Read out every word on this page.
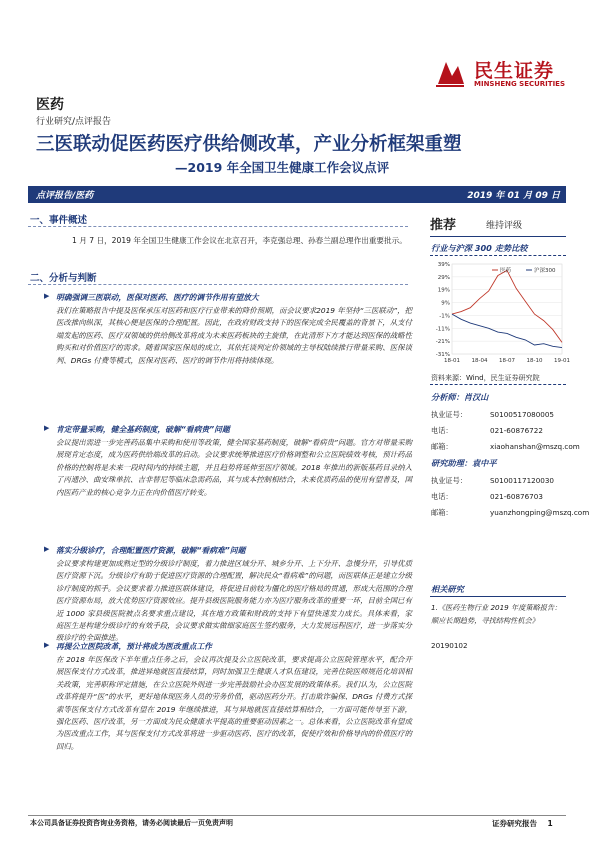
民生证券
MINSHENG SECURITIES
医药
行业研究/点评报告
三医联动促医药医疗供给侧改革，产业分析框架重塑
—2019 年全国卫生健康工作会议点评
点评报告/医药	2019 年 01 月 09 日
一、事件概述
1 月 7 日，2019 年全国卫生健康工作会议在北京召开，李克强总理、孙春兰副总理作出重要批示。
二、分析与判断
▶ 明确强调三医联动，医保对医药、医疗的调节作用有望放大
我们在策略报告中提及医保承压对医药和医疗行业带来的降价预期，而会议要求2019 年坚持“三医联动”，把医改推向纵深，其核心便是医保的合理配置。因此，在政府财政支持下的医保完成全民覆盖的背景下，从支付端发起的医药、医疗双领域的供给侧改革将成为未来医药板块的主旋律，在此清形下方才能达到医保的战略性购买和对价值医疗的需求。随着国家医保局的成立，其依托谈判定价领域的主导权陆续推行带量采购、医保谈判、DRGs 付费等模式，医保对医药、医疗的调节作用将持续体现。
▶ 肯定带量采购，健全基药制度，破解“看病贵”问题
会议提出需进一步完善药品集中采购和使用等政策，健全国家基药制度，破解“看病贵”问题。官方对带量采购展现肯定态度，成为医药供给端改革的启动。会议要求统筹推进医疗价格调整和公立医院绩效考核，预计药品价格的控制将是未来一段时间内的持续主题，并且趋势将延伸至医疗领域。2018 年推出的新版基药目录纳入了丙通沙、曲安珠单抗、吉非替尼等临床急需药品，其与成本控制相结合，未来优质药品的使用有望普及，国内医药产业的核心竞争力正在向价值医疗转变。
▶ 落实分级诊疗，合理配置医疗资源，破解“看病难”问题
会议要求构建更加成熟定型的分级诊疗制度，着力推进区域分开、城乡分开、上下分开、急慢分开，引导优质医疗资源下沉。分级诊疗有助于促进医疗资源的合理配置，解决民众“看病难”的问题，而医联体正是建立分级诊疗制度的抓手。会议要求着力推进医联体建设，将促进目前较为僵化的医疗格局的贯通，形成大范围的合理医疗资源布局，放大优势医疗资源效应。提升县级医院服务能力亦为医疗服务改革的重要一环，目前全国已有近 1000 家县级医院被点名要求重点建设，其在地方政策和财政的支持下有望快速发力成长。具体来看，家庭医生是构建分级诊疗的有效手段，会议要求做实做细家庭医生签约服务，大力发展远程医疗，进一步落实分级诊疗的全面推进。
▶ 再提公立医院改革，预计将成为医改重点工作
在 2018 年医保改下半年重点任务之后，会议再次提及公立医院改革，要求提高公立医院管理水平，配合开展医保支付方式改革，推进异地就医直接结算，同时加强卫生健康人才队伍建设，完善住院医师规范化培训相关政策，完善职称评定措施，在公立医院外则进一步完善鼓励社会办医发展的政策体系。我们认为，公立医院改革将提升“医”的水平，更好地体现医务人员的劳务价值，驱动医药分开。打击欺诈骗保、DRGs 付费方式探索等医保支付方式改革有望在 2019 年继续推进，其与异地就医直接结算相结合，一方面可能传导至下游，强化医药、医疗改革，另一方面成为民众健康水平提高的重要驱动因素之一。总体来看，公立医院改革有望成为医改重点工作，其与医保支付方式改革将进一步驱动医药、医疗的改革，促使疗效和价格导向的价值医疗的回归。
推荐	维持评级
行业与沪深 300 走势比较
-31%
-21%
-11%
-1%
9%
19%
29%
39%
18-01 18-04 18-07 18-10 19-01
医药	沪深300
资料来源：Wind，民生证券研究院
分析师：肖汉山
执业证号：	S0100517080005
电话：	021-60876722
邮箱：	xiaohanshan@mszq.com
研究助理：袁中平
执业证号：	S0100117120030
电话：	021-60876703
邮箱：	yuanzhongping@mszq.com
相关研究
1.《医药生物行业 2019 年度策略报告：顺应长期趋势，寻找结构性机会》
20190102
本公司具备证券投资咨询业务资格，请务必阅读最后一页免责声明	证券研究报告 1
